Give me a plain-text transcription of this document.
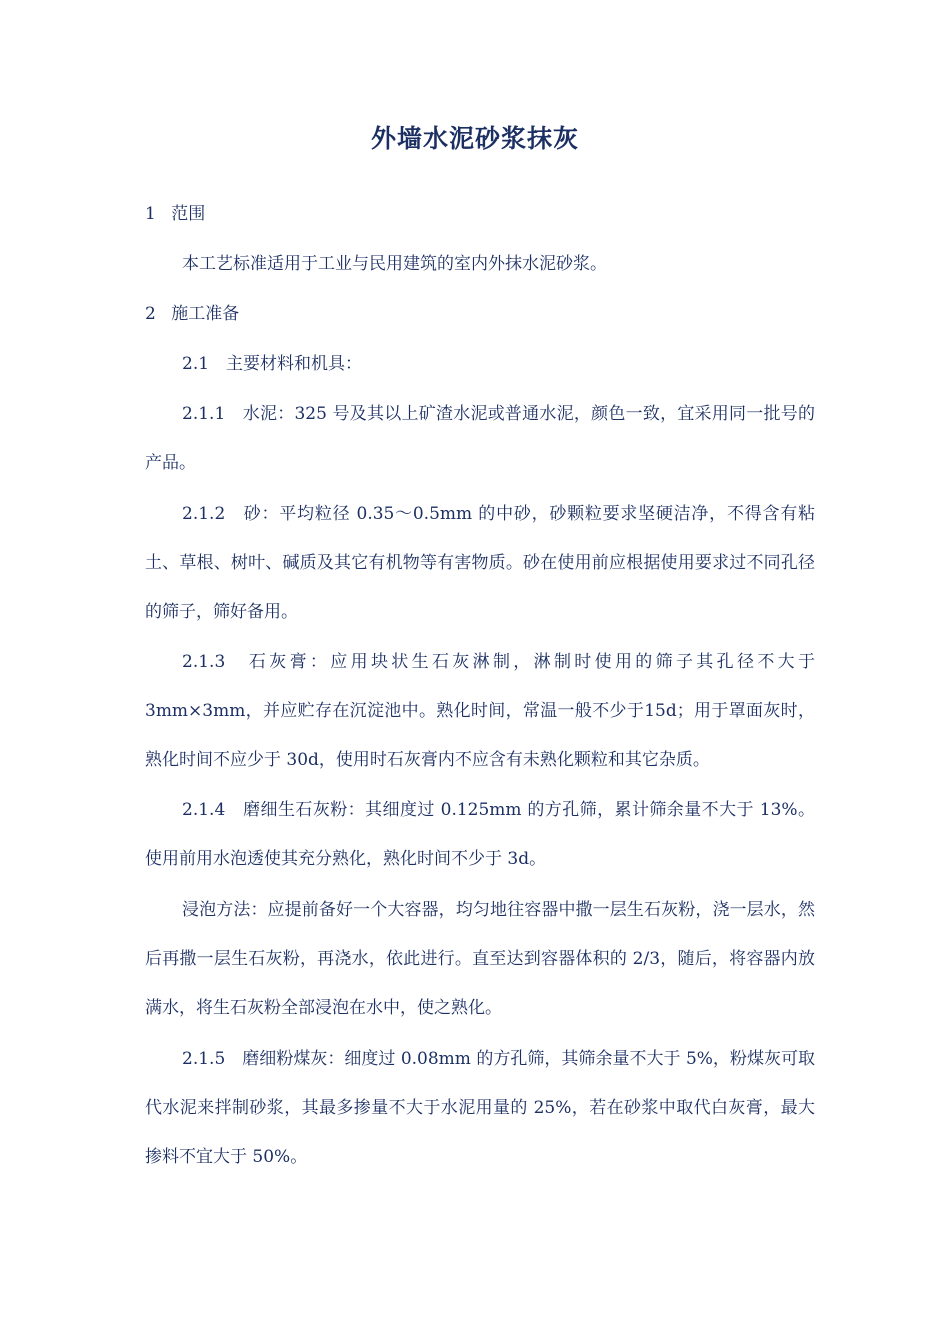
外墙水泥砂浆抹灰

1 范围

本工艺标准适用于工业与民用建筑的室内外抹水泥砂浆。

2 施工准备

2.1　主要材料和机具：

2.1.1　水泥：325 号及其以上矿渣水泥或普通水泥，颜色一致，宜采用同一批号的产品。

2.1.2　砂：平均粒径 0.35～0.5mm 的中砂，砂颗粒要求坚硬洁净，不得含有粘土、草根、树叶、碱质及其它有机物等有害物质。砂在使用前应根据使用要求过不同孔径的筛子，筛好备用。

2.1.3　石灰膏：应用块状生石灰淋制，淋制时使用的筛子其孔径不大于 3mm×3mm，并应贮存在沉淀池中。熟化时间，常温一般不少于15d；用于罩面灰时，熟化时间不应少于 30d，使用时石灰膏内不应含有未熟化颗粒和其它杂质。

2.1.4　磨细生石灰粉：其细度过 0.125mm 的方孔筛，累计筛余量不大于 13%。使用前用水泡透使其充分熟化，熟化时间不少于 3d。

浸泡方法：应提前备好一个大容器，均匀地往容器中撒一层生石灰粉，浇一层水，然后再撒一层生石灰粉，再浇水，依此进行。直至达到容器体积的 2/3，随后，将容器内放满水，将生石灰粉全部浸泡在水中，使之熟化。

2.1.5　磨细粉煤灰：细度过 0.08mm 的方孔筛，其筛余量不大于 5%，粉煤灰可取代水泥来拌制砂浆，其最多掺量不大于水泥用量的 25%，若在砂浆中取代白灰膏，最大掺料不宜大于 50%。
